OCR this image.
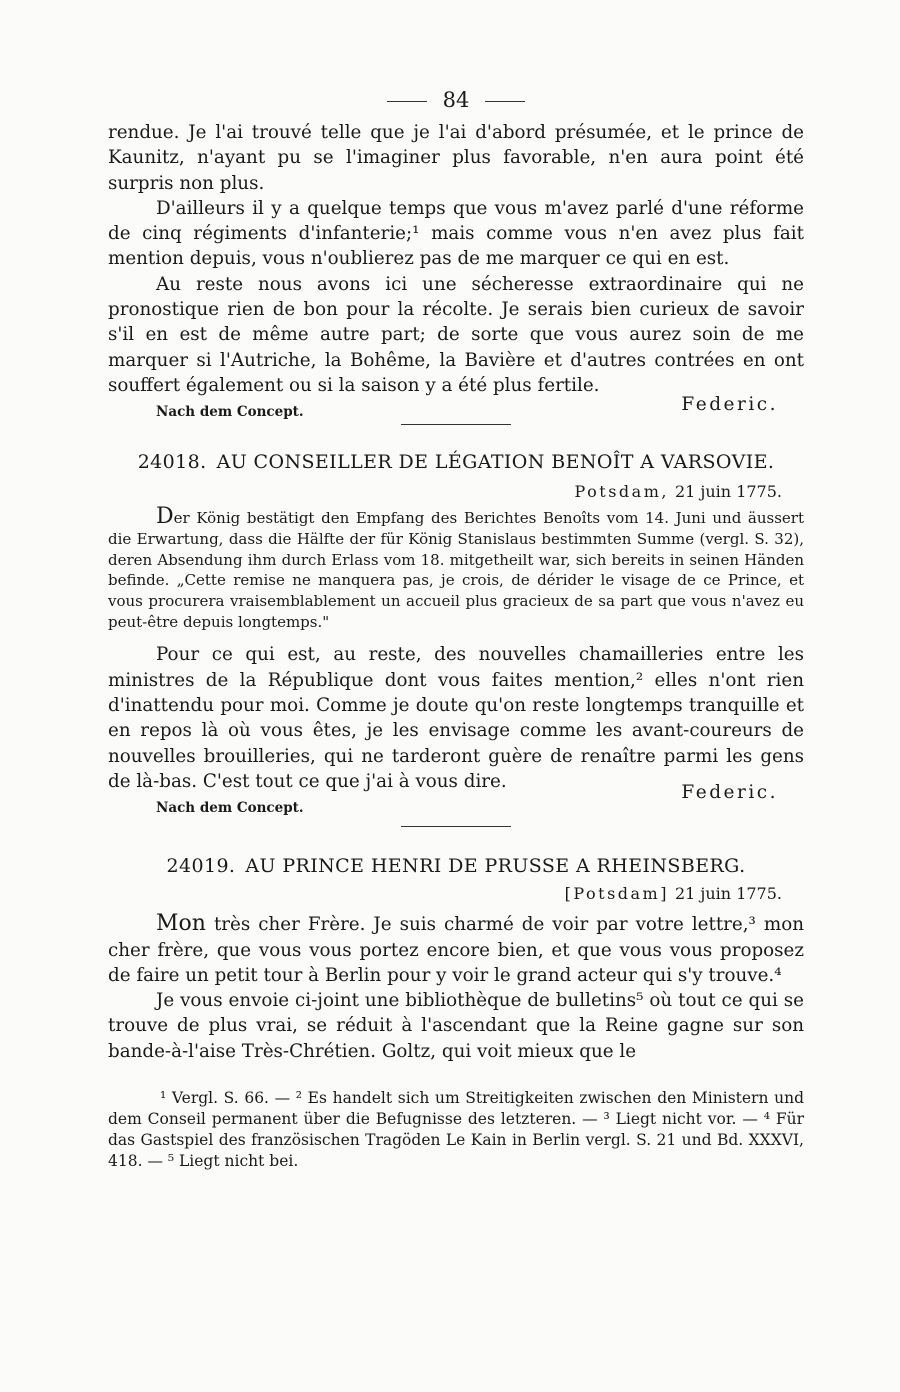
84

rendue. Je l'ai trouvé telle que je l'ai d'abord présumée, et le prince de Kaunitz, n'ayant pu se l'imaginer plus favorable, n'en aura point été surpris non plus.

D'ailleurs il y a quelque temps que vous m'avez parlé d'une réforme de cinq régiments d'infanterie;¹ mais comme vous n'en avez plus fait mention depuis, vous n'oublierez pas de me marquer ce qui en est.

Au reste nous avons ici une sécheresse extraordinaire qui ne pronostique rien de bon pour la récolte. Je serais bien curieux de savoir s'il en est de même autre part; de sorte que vous aurez soin de me marquer si l'Autriche, la Bohême, la Bavière et d'autres contrées en ont souffert également ou si la saison y a été plus fertile.

Nach dem Concept.	Federic.
24018. AU CONSEILLER DE LÉGATION BENOÎT A VARSOVIE.
Potsdam, 21 juin 1775.

Der König bestätigt den Empfang des Berichtes Benoîts vom 14. Juni und äussert die Erwartung, dass die Hälfte der für König Stanislaus bestimmten Summe (vergl. S. 32), deren Absendung ihm durch Erlass vom 18. mitgetheilt war, sich bereits in seinen Händen befinde. „Cette remise ne manquera pas, je crois, de dérider le visage de ce Prince, et vous procurera vraisemblablement un accueil plus gracieux de sa part que vous n'avez eu peut-être depuis longtemps."

Pour ce qui est, au reste, des nouvelles chamailleries entre les ministres de la République dont vous faites mention,² elles n'ont rien d'inattendu pour moi. Comme je doute qu'on reste longtemps tranquille et en repos là où vous êtes, je les envisage comme les avant-coureurs de nouvelles brouilleries, qui ne tarderont guère de renaître parmi les gens de là-bas. C'est tout ce que j'ai à vous dire.

Nach dem Concept.
Federic.
24019. AU PRINCE HENRI DE PRUSSE A RHEINSBERG.
[Potsdam] 21 juin 1775.

Mon très cher Frère. Je suis charmé de voir par votre lettre,³ mon cher frère, que vous vous portez encore bien, et que vous vous proposez de faire un petit tour à Berlin pour y voir le grand acteur qui s'y trouve.⁴

Je vous envoie ci-joint une bibliothèque de bulletins⁵ où tout ce qui se trouve de plus vrai, se réduit à l'ascendant que la Reine gagne sur son bande-à-l'aise Très-Chrétien. Goltz, qui voit mieux que le

¹ Vergl. S. 66. — ² Es handelt sich um Streitigkeiten zwischen den Ministern und dem Conseil permanent über die Befugnisse des letzteren. — ³ Liegt nicht vor. — ⁴ Für das Gastspiel des französischen Tragöden Le Kain in Berlin vergl. S. 21 und Bd. XXXVI, 418. — ⁵ Liegt nicht bei.
